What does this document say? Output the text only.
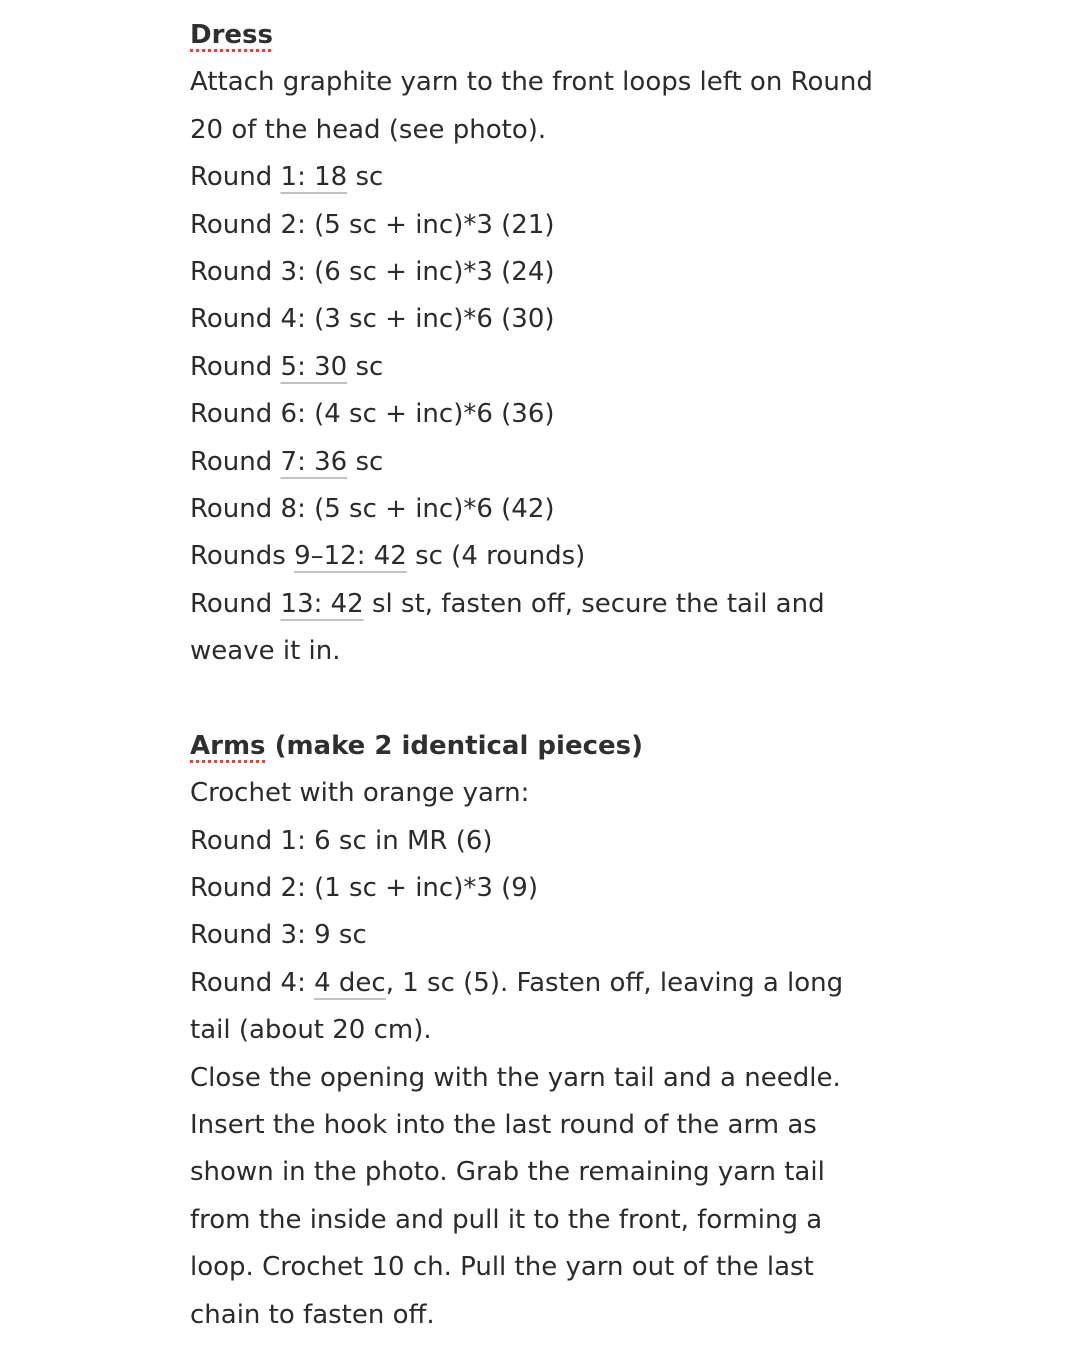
Dress
Attach graphite yarn to the front loops left on Round
20 of the head (see photo).
Round 1: 18 sc
Round 2: (5 sc + inc)*3 (21)
Round 3: (6 sc + inc)*3 (24)
Round 4: (3 sc + inc)*6 (30)
Round 5: 30 sc
Round 6: (4 sc + inc)*6 (36)
Round 7: 36 sc
Round 8: (5 sc + inc)*6 (42)
Rounds 9–12: 42 sc (4 rounds)
Round 13: 42 sl st, fasten off, secure the tail and
weave it in.
Arms (make 2 identical pieces)
Crochet with orange yarn:
Round 1: 6 sc in MR (6)
Round 2: (1 sc + inc)*3 (9)
Round 3: 9 sc
Round 4: 4 dec, 1 sc (5). Fasten off, leaving a long
tail (about 20 cm).
Close the opening with the yarn tail and a needle.
Insert the hook into the last round of the arm as
shown in the photo. Grab the remaining yarn tail
from the inside and pull it to the front, forming a
loop. Crochet 10 ch. Pull the yarn out of the last
chain to fasten off.
